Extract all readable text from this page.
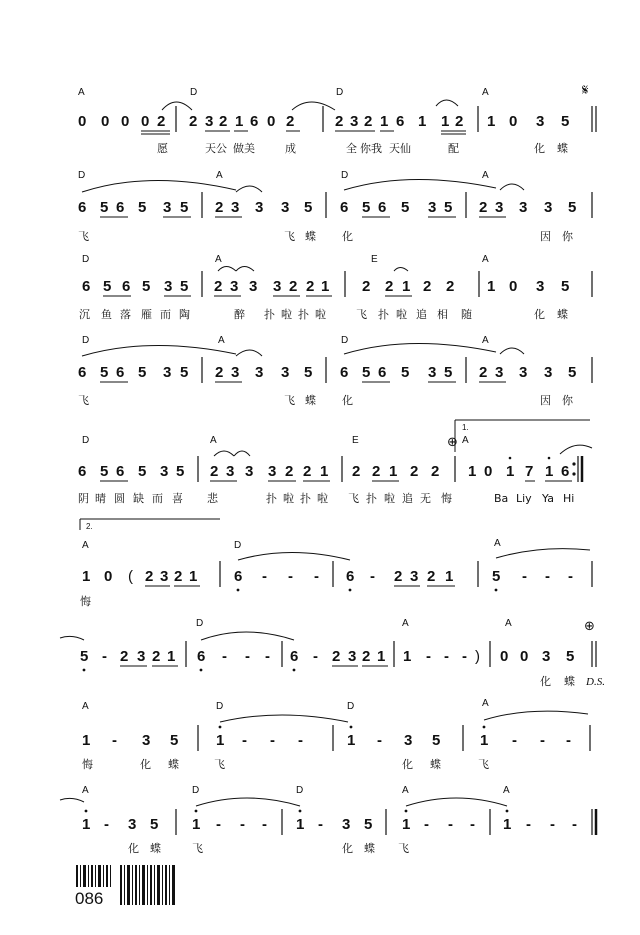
A	D	D	A	𝄋
0 0 0 0 2 2 3 2 1 6 0 2	2 3 2 1 6 1 1 2 1 0 3 5
愿	天公 做美	成	全 你我 天仙	配	化 蝶
D	A	D	A
6 5 6 5 3 5 2 3 3 3 5 6 5 6 5 3 5 2 3 3 3 5
飞	飞 蝶 化	因 你
D	A	E	A
6 5 6 5 3 5 2 3 3 3 2 2 1 2 2 1 2 2 1 0 3 5
沉 鱼 落 雁 而 陶	醉 扑 啦 扑 啦	飞 扑 啦 追 相 随	化 蝶
D	A	D	A
6 5 6 5 3 5 2 3 3 3 5 6 5 6 5 3 5 2 3 3 3 5
飞	飞 蝶 化	因 你
1.
D	A	E	⊕ A
6 5 6 5 3 5 2 3 3 3 2 2 1 2 2 1 2 2 1 0 1 7 1 6
阴 晴 圆 缺 而 喜 悲	扑 啦 扑 啦 飞 扑 啦 追 无 悔	Ba Liy Ya Hi
2.
A	D	A
1 0 ( 2 3 2 1 6 - - - 6 - 2 3 2 1	5 - - -
悔
D	A	A	⊕
5 - 2 3 2 1 6 - - - 6 - 2 3 2 1 1 - - - ) 0 0 3 5
化 蝶 D.S.
A	D	D	A
1 - 3 5	1 - - -	1 - 3 5	1 - - -
悔	化 蝶	飞	化 蝶	飞
A	D	D	A	A
1 - 3 5 1 - - - 1 - 3 5 1 - - - 1 - - -
化 蝶	飞	化 蝶 飞
086
